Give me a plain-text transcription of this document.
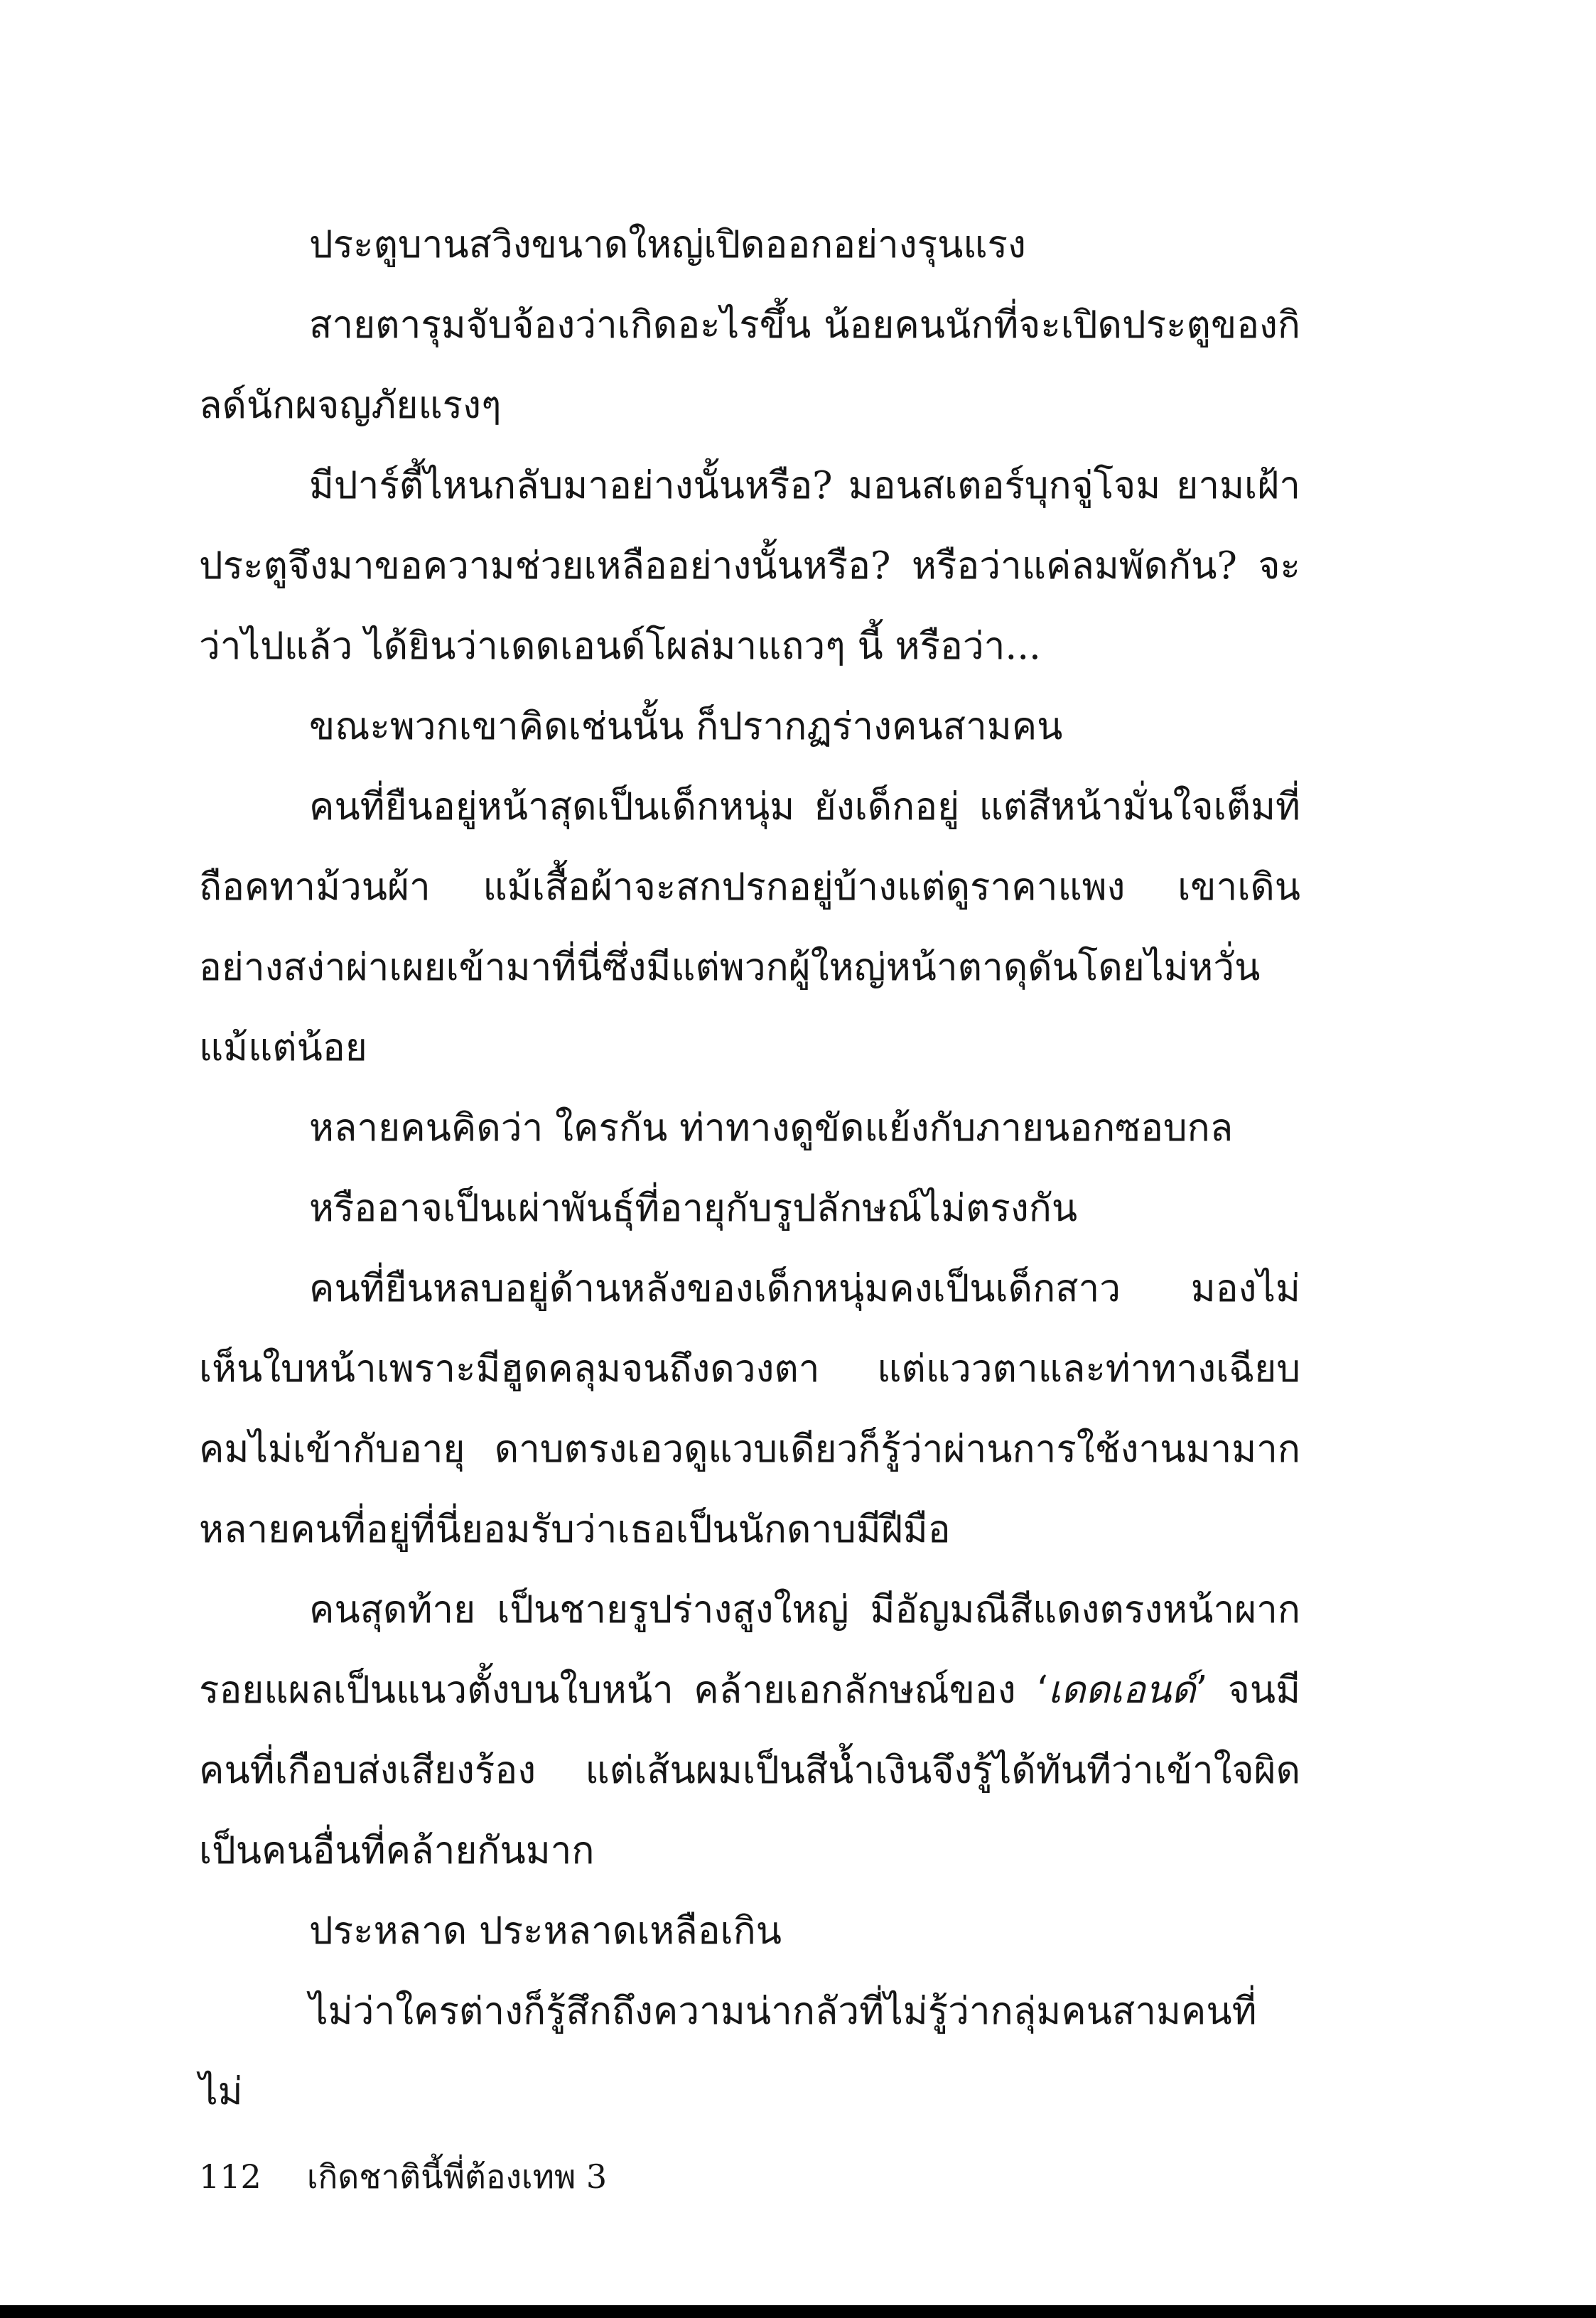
ประตูบานสวิงขนาดใหญ่เปิดออกอย่างรุนแรง

สายตารุมจับจ้องว่าเกิดอะไรขึ้น น้อยคนนักที่จะเปิดประตูของกิลด์นักผจญภัยแรงๆ

มีปาร์ตี้ไหนกลับมาอย่างนั้นหรือ? มอนสเตอร์บุกจู่โจม ยามเฝ้าประตูจึงมาขอความช่วยเหลืออย่างนั้นหรือ? หรือว่าแค่ลมพัดกัน? จะว่าไปแล้ว ได้ยินว่าเดดเอนด์โผล่มาแถวๆ นี้ หรือว่า...

ขณะพวกเขาคิดเช่นนั้น ก็ปรากฏร่างคนสามคน

คนที่ยืนอยู่หน้าสุดเป็นเด็กหนุ่ม ยังเด็กอยู่ แต่สีหน้ามั่นใจเต็มที่ถือคทาม้วนผ้า แม้เสื้อผ้าจะสกปรกอยู่บ้างแต่ดูราคาแพง เขาเดินอย่างสง่าผ่าเผยเข้ามาที่นี่ซึ่งมีแต่พวกผู้ใหญ่หน้าตาดุดันโดยไม่หวั่นแม้แต่น้อย

หลายคนคิดว่า ใครกัน ท่าทางดูขัดแย้งกับภายนอกซอบกล

หรืออาจเป็นเผ่าพันธุ์ที่อายุกับรูปลักษณ์ไม่ตรงกัน

คนที่ยืนหลบอยู่ด้านหลังของเด็กหนุ่มคงเป็นเด็กสาว มองไม่เห็นใบหน้าเพราะมีฮูดคลุมจนถึงดวงตา แต่แววตาและท่าทางเฉียบคมไม่เข้ากับอายุ ดาบตรงเอวดูแวบเดียวก็รู้ว่าผ่านการใช้งานมามาก หลายคนที่อยู่ที่นี่ยอมรับว่าเธอเป็นนักดาบมีฝีมือ

คนสุดท้าย เป็นชายรูปร่างสูงใหญ่ มีอัญมณีสีแดงตรงหน้าผากรอยแผลเป็นแนวตั้งบนใบหน้า คล้ายเอกลักษณ์ของ ‘เดดเอนด์’ จนมีคนที่เกือบส่งเสียงร้อง แต่เส้นผมเป็นสีน้ำเงินจึงรู้ได้ทันทีว่าเข้าใจผิด เป็นคนอื่นที่คล้ายกันมาก

ประหลาด ประหลาดเหลือเกิน

ไม่ว่าใครต่างก็รู้สึกถึงความน่ากลัวที่ไม่รู้ว่ากลุ่มคนสามคนที่ไม่

112 เกิดชาตินี้พี่ต้องเทพ 3
